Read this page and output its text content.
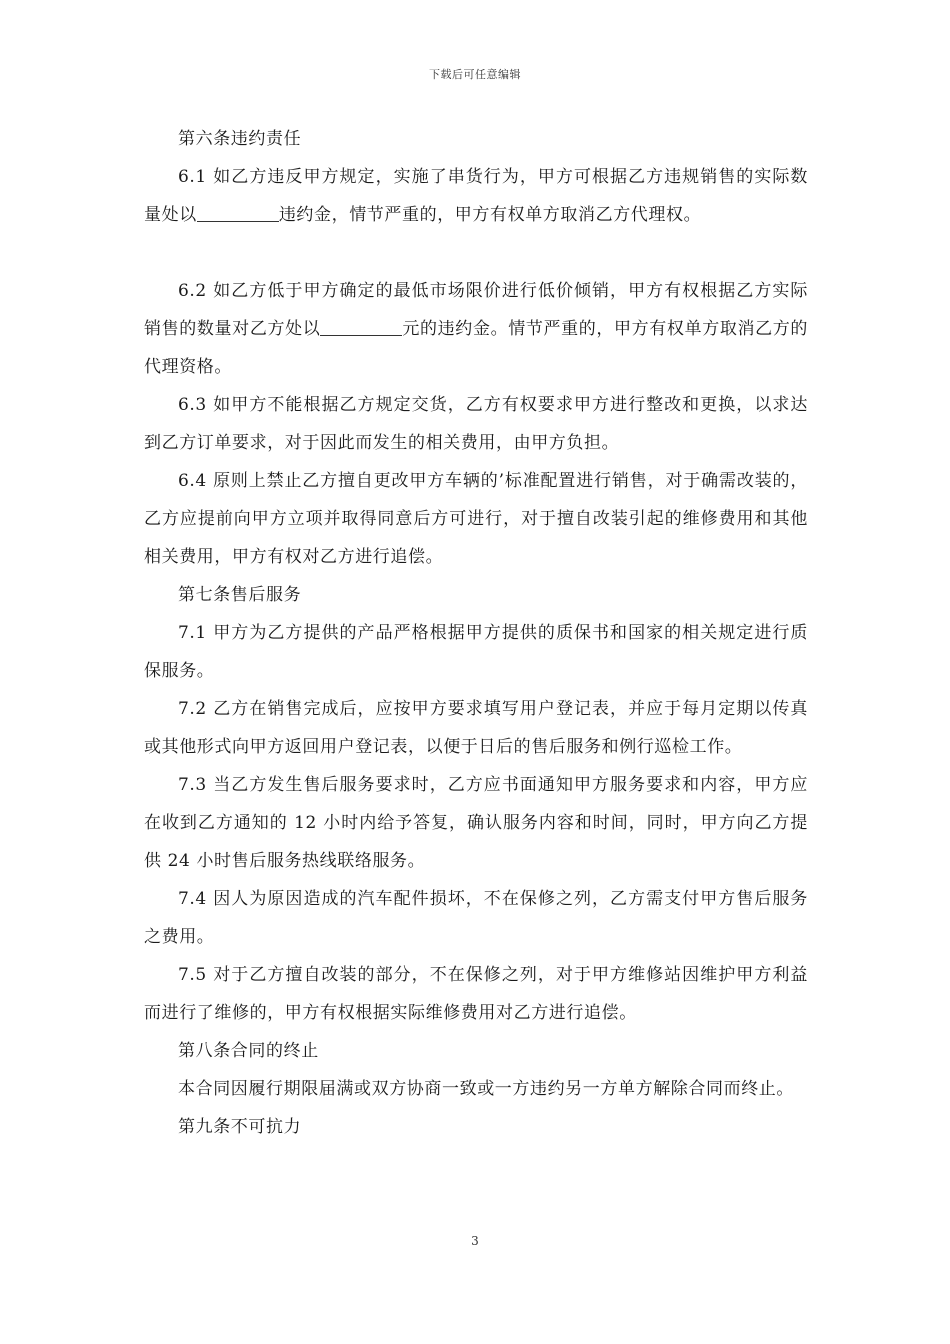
下载后可任意编辑

第六条违约责任

6.1 如乙方违反甲方规定，实施了串货行为，甲方可根据乙方违规销售的实际数量处以	违约金，情节严重的，甲方有权单方取消乙方代理权。

6.2 如乙方低于甲方确定的最低市场限价进行低价倾销，甲方有权根据乙方实际销售的数量对乙方处以	元的违约金。情节严重的，甲方有权单方取消乙方的代理资格。

6.3 如甲方不能根据乙方规定交货，乙方有权要求甲方进行整改和更换，以求达到乙方订单要求，对于因此而发生的相关费用，由甲方负担。

6.4 原则上禁止乙方擅自更改甲方车辆的’标准配置进行销售，对于确需改装的，乙方应提前向甲方立项并取得同意后方可进行，对于擅自改装引起的维修费用和其他相关费用，甲方有权对乙方进行追偿。

第七条售后服务

7.1 甲方为乙方提供的产品严格根据甲方提供的质保书和国家的相关规定进行质保服务。

7.2 乙方在销售完成后，应按甲方要求填写用户登记表，并应于每月定期以传真或其他形式向甲方返回用户登记表，以便于日后的售后服务和例行巡检工作。

7.3 当乙方发生售后服务要求时，乙方应书面通知甲方服务要求和内容，甲方应在收到乙方通知的 12 小时内给予答复，确认服务内容和时间，同时，甲方向乙方提供 24 小时售后服务热线联络服务。

7.4 因人为原因造成的汽车配件损坏，不在保修之列，乙方需支付甲方售后服务之费用。

7.5 对于乙方擅自改装的部分，不在保修之列，对于甲方维修站因维护甲方利益而进行了维修的，甲方有权根据实际维修费用对乙方进行追偿。

第八条合同的终止

本合同因履行期限届满或双方协商一致或一方违约另一方单方解除合同而终止。

第九条不可抗力

3
